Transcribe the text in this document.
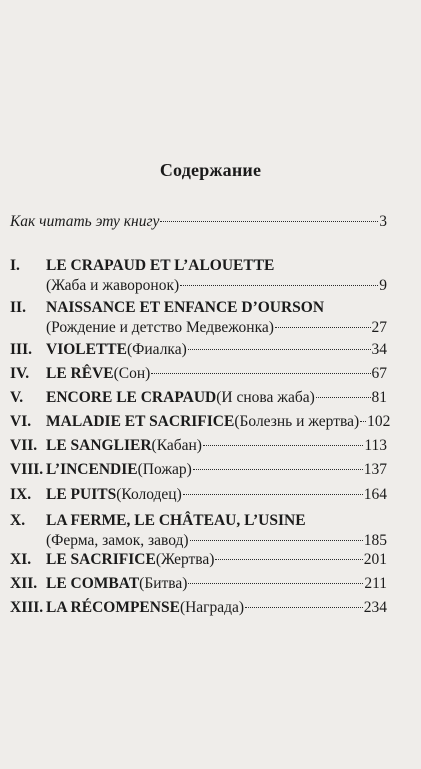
Содержание
Как читать эту книгу	3
I.	LE CRAPAUD ET L’ALOUETTE
(Жаба и жаворонок)	9
II.	NAISSANCE ET ENFANCE D’OURSON
(Рождение и детство Медвежонка)	27
III. VIOLETTE (Фиалка)	34
IV.	LE RÊVE (Сон)	67
V.	ENCORE LE CRAPAUD (И снова жаба)	81
VI. MALADIE ET SACRIFICE (Болезнь и жертва) 102
VII. LE SANGLIER (Кабан)	113
VIII. L’INCENDIE (Пожар)	137
IX. LE PUITS (Колодец)	164
X.	LA FERME, LE CHÂTEAU, L’USINE
(Ферма, замок, завод)	185
XI. LE SACRIFICE (Жертва)	201
XII. LE COMBAT (Битва)	211
XIII. LA RÉCOMPENSE (Награда)	234
